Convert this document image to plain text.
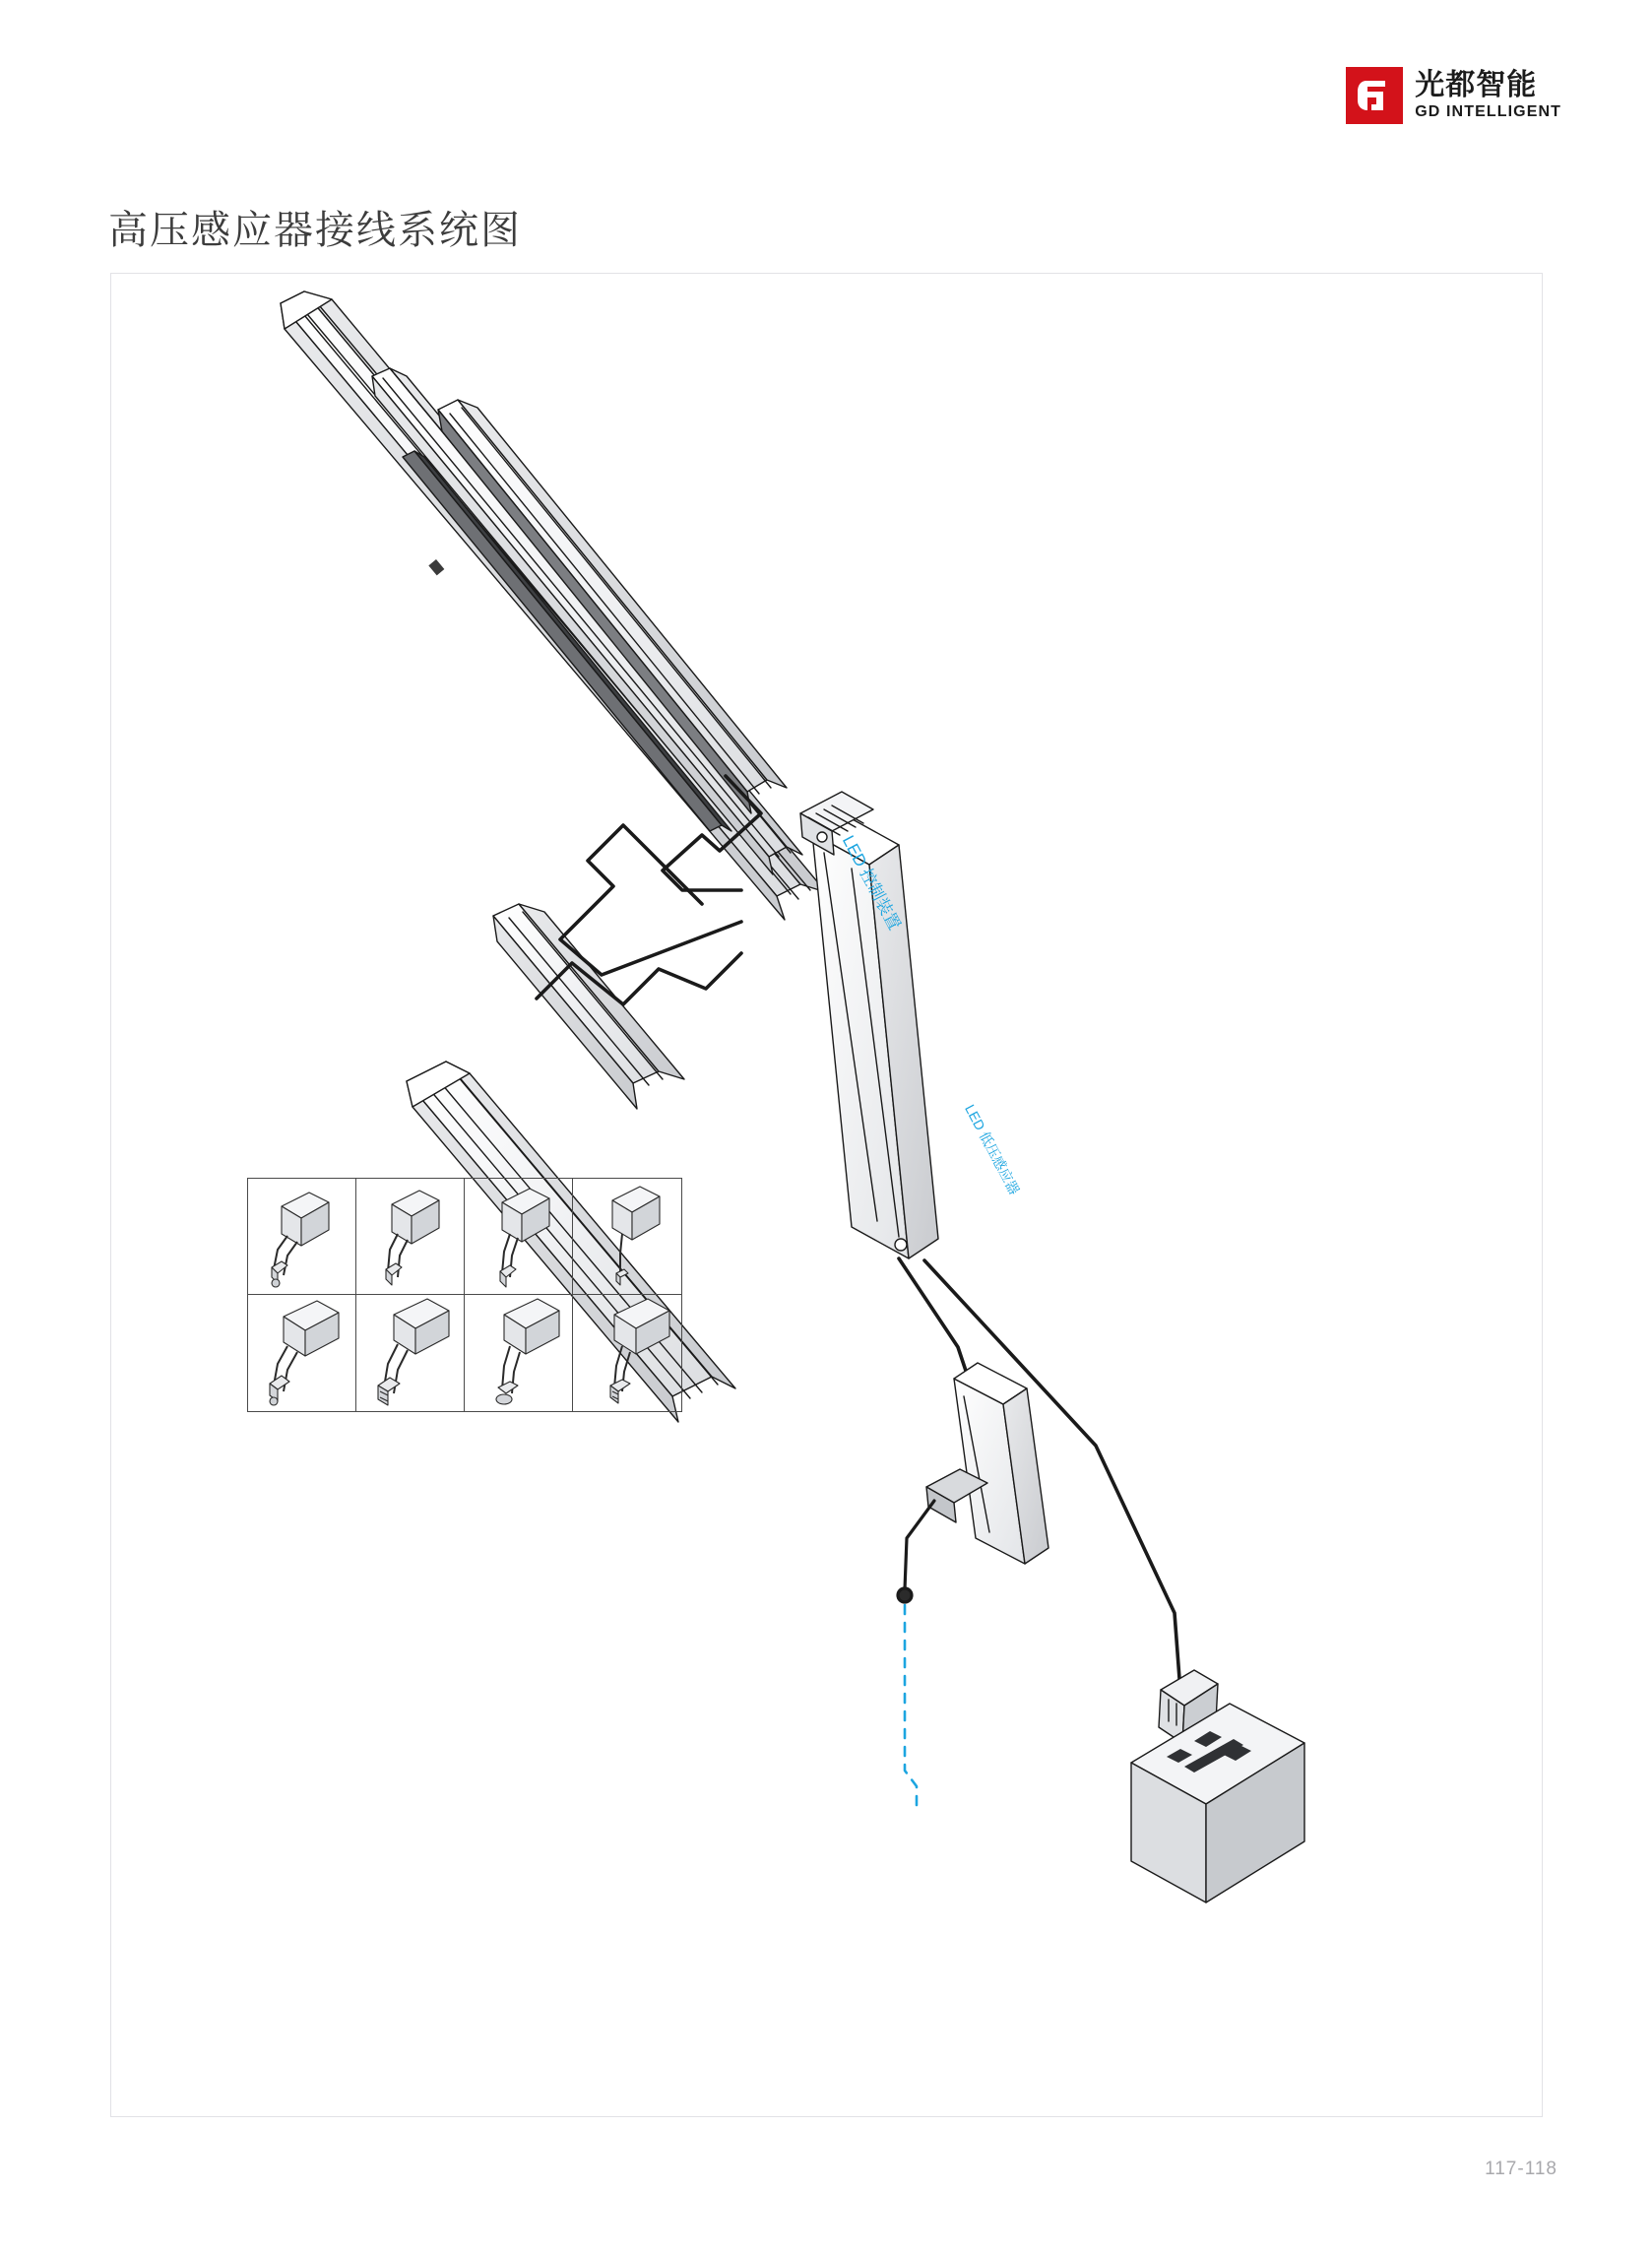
光都智能
GD INTELLIGENT
高压感应器接线系统图
LED 控制装置
LED 低压感应器
117-118
